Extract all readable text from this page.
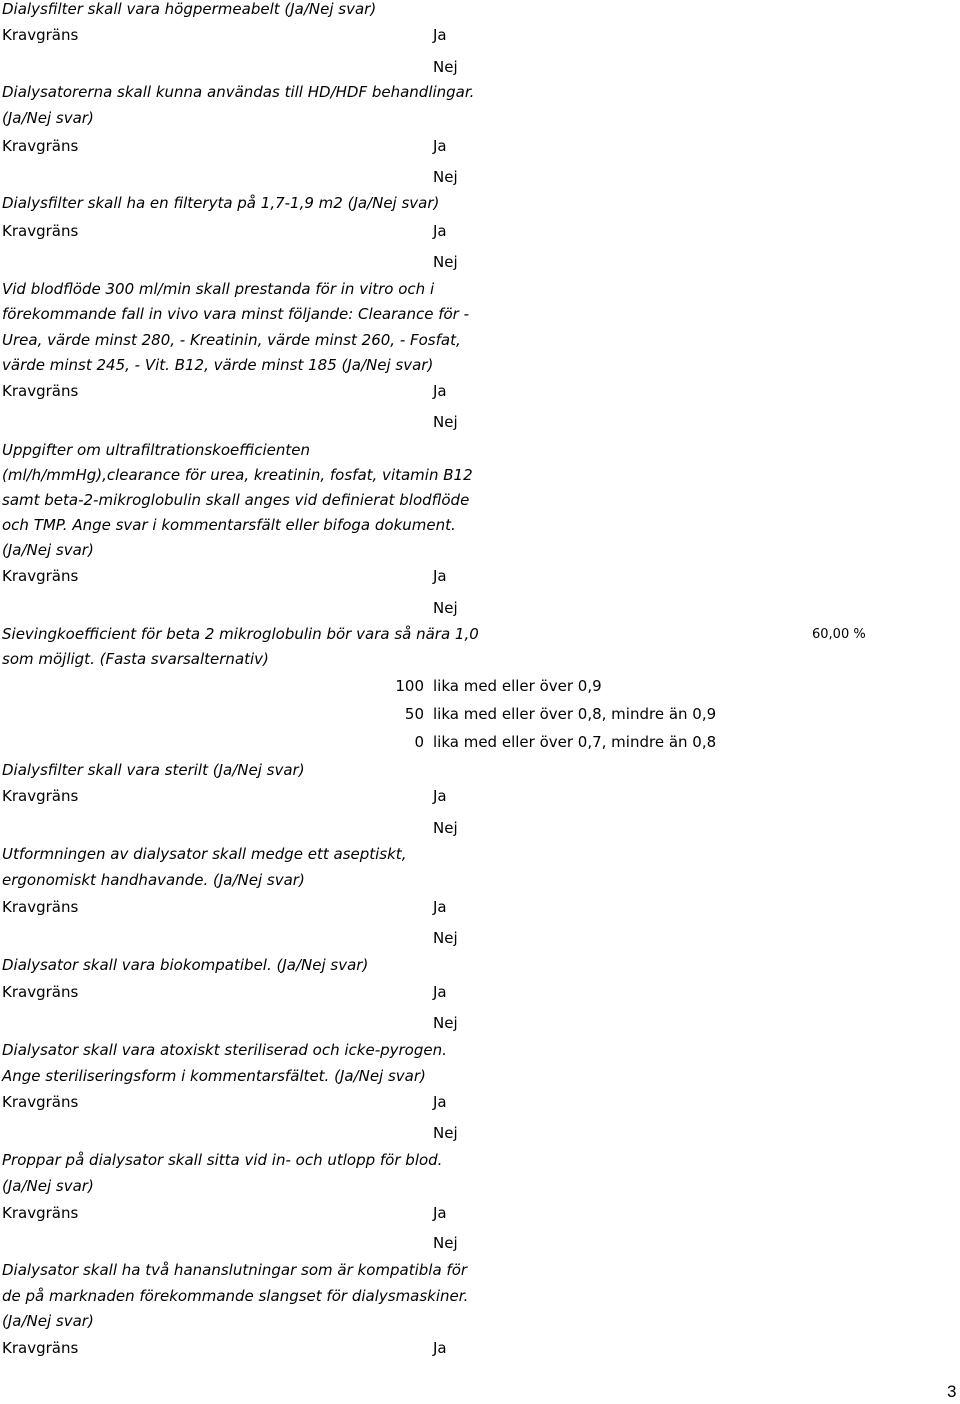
Dialysfilter skall vara högpermeabelt (Ja/Nej svar)
Kravgräns	Ja
Nej
Dialysatorerna skall kunna användas till HD/HDF behandlingar.
(Ja/Nej svar)
Kravgräns	Ja
Nej
Dialysfilter skall ha en filteryta på 1,7-1,9 m2 (Ja/Nej svar)
Kravgräns	Ja
Nej
Vid blodflöde 300 ml/min skall prestanda för in vitro och i
förekommande fall in vivo vara minst följande: Clearance för -
Urea, värde minst 280, - Kreatinin, värde minst 260, - Fosfat,
värde minst 245, - Vit. B12, värde minst 185 (Ja/Nej svar)
Kravgräns	Ja
Nej
Uppgifter om ultrafiltrationskoefficienten
(ml/h/mmHg),clearance för urea, kreatinin, fosfat, vitamin B12
samt beta-2-mikroglobulin skall anges vid definierat blodflöde
och TMP. Ange svar i kommentarsfält eller bifoga dokument.
(Ja/Nej svar)
Kravgräns	Ja
Nej
Sievingkoefficient för beta 2 mikroglobulin bör vara så nära 1,0	60,00 %
som möjligt. (Fasta svarsalternativ)
100 lika med eller över 0,9
50 lika med eller över 0,8, mindre än 0,9
0 lika med eller över 0,7, mindre än 0,8
Dialysfilter skall vara sterilt (Ja/Nej svar)
Kravgräns	Ja
Nej
Utformningen av dialysator skall medge ett aseptiskt,
ergonomiskt handhavande. (Ja/Nej svar)
Kravgräns	Ja
Nej
Dialysator skall vara biokompatibel. (Ja/Nej svar)
Kravgräns	Ja
Nej
Dialysator skall vara atoxiskt steriliserad och icke-pyrogen.
Ange steriliseringsform i kommentarsfältet. (Ja/Nej svar)
Kravgräns	Ja
Nej
Proppar på dialysator skall sitta vid in- och utlopp för blod.
(Ja/Nej svar)
Kravgräns	Ja
Nej
Dialysator skall ha två hananslutningar som är kompatibla för
de på marknaden förekommande slangset för dialysmaskiner.
(Ja/Nej svar)
Kravgräns	Ja
3
